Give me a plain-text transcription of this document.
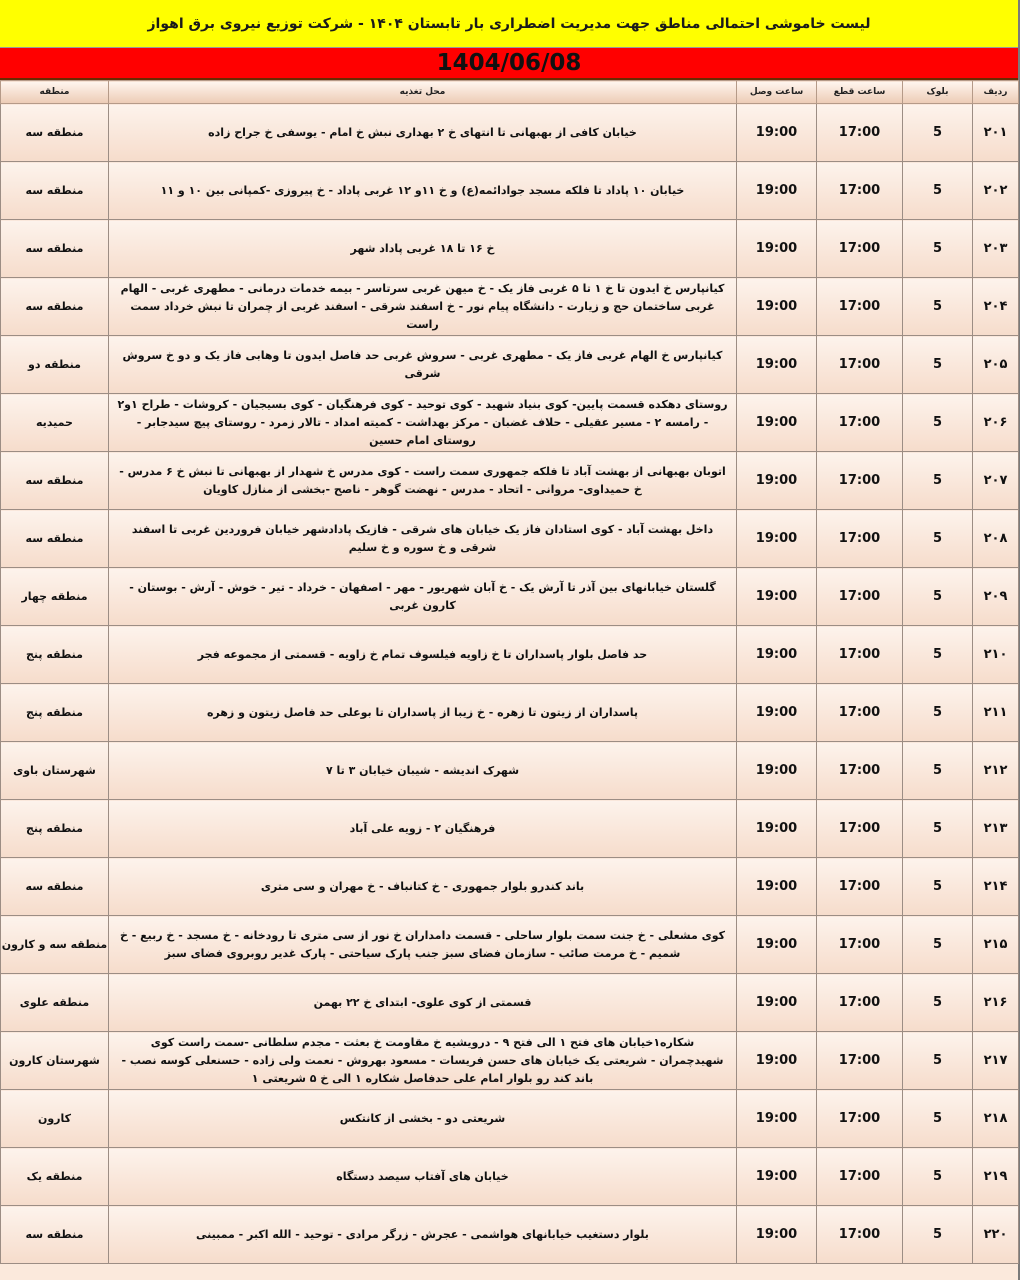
لیست خاموشی احتمالی مناطق جهت مدیریت اضطراری بار تابستان ۱۴۰۴ - شرکت توزیع نیروی برق اهواز
1404/06/08
ردیف	بلوک	ساعت قطع	ساعت وصل	محل تغذیه	منطقه
۲۰۱	5	17:00	19:00	خیابان کافی از بهبهانی تا انتهای خ ۲ بهداری نبش خ امام - یوسفی خ جراح زاده	منطقه سه
۲۰۲	5	17:00	19:00	خیابان ۱۰ پاداد تا فلکه مسجد جوادائمه(ع) و خ ۱۱و ۱۲ غربی پاداد - خ پیروزی -کمپانی بین ۱۰ و ۱۱	منطقه سه
۲۰۳	5	17:00	19:00	خ ۱۶ تا ۱۸ غربی پاداد شهر	منطقه سه
۲۰۴	5	17:00	19:00	کیانپارس خ ایدون تا خ ۱ تا ۵ غربی فاز یک - خ میهن غربی سرتاسر - بیمه خدمات درمانی - مطهری غربی - الهام غربی ساختمان حج و زیارت - دانشگاه پیام نور - خ اسفند شرقی - اسفند غربی از چمران تا نبش خرداد سمت راست	منطقه سه
۲۰۵	5	17:00	19:00	کیانپارس خ الهام غربی فاز یک - مطهری غربی - سروش غربی حد فاصل ایدون تا وهابی فاز یک و دو خ سروش شرقی	منطقه دو
۲۰۶	5	17:00	19:00	روستای دهکده قسمت پایین- کوی بنیاد شهید - کوی توحید - کوی فرهنگیان - کوی بسیجیان - کروشات - طراح ۱و۲ - رامسه ۲ - مسیر عقیلی - حلاف غضبان - مرکز بهداشت - کمیته امداد - تالار زمرد - روستای پیچ سیدجابر - روستای امام حسین	حمیدیه
۲۰۷	5	17:00	19:00	اتوبان بهبهانی از بهشت آباد تا فلکه جمهوری سمت راست - کوی مدرس خ شهدار از بهبهانی تا نبش خ ۶ مدرس - خ حمیداوی- مروانی - اتحاد - مدرس - نهضت گوهر - ناصح -بخشی از منازل کاویان	منطقه سه
۲۰۸	5	17:00	19:00	داخل بهشت آباد - کوی استادان فاز یک خیابان های شرقی - فازیک پاداد‌شهر خیابان فروردین غربی تا اسفند شرقی و خ سوره و خ سلیم	منطقه سه
۲۰۹	5	17:00	19:00	گلستان خیابانهای بین آذر تا آرش یک - خ آبان شهریور - مهر - اصفهان - خرداد - تیر - خوش - آرش - بوستان - کارون غربی	منطقه چهار
۲۱۰	5	17:00	19:00	حد فاصل بلوار پاسداران تا خ زاویه فیلسوف تمام خ زاویه - قسمتی از مجموعه فجر	منطقه پنج
۲۱۱	5	17:00	19:00	پاسداران از زیتون تا زهره - خ زیبا از پاسداران تا بوعلی حد فاصل زیتون و زهره	منطقه پنج
۲۱۲	5	17:00	19:00	شهرک اندیشه - شیبان خیابان ۳ تا ۷	شهرستان باوی
۲۱۳	5	17:00	19:00	فرهنگیان ۲ - زویه علی آباد	منطقه پنج
۲۱۴	5	17:00	19:00	باند کندرو بلوار جمهوری - خ کتانباف - خ مهران و سی متری	منطقه سه
۲۱۵	5	17:00	19:00	کوی مشعلی - خ جنت سمت بلوار ساحلی - قسمت دامداران خ نور از سی متری تا رودخانه - خ مسجد - خ ربیع - خ شمیم - خ مرمت صائب - سازمان فضای سبز جنب پارک سیاحتی - پارک غدیر روبروی فضای سبز	منطقه سه و کارون
۲۱۶	5	17:00	19:00	قسمتی از کوی علوی- ابتدای خ ۲۲ بهمن	منطقه علوی
۲۱۷	5	17:00	19:00	شکاره۱خیابان های فتح ۱ الی فتح ۹ - درویشیه خ مقاومت خ بعثت - مجدم سلطانی -سمت راست کوی شهیدچمران - شریعتی یک خیابان های حسن فریسات - مسعود بهروش - نعمت ولی زاده - حسنعلی کوسه نصب - باند کند رو بلوار امام علی حدفاصل شکاره ۱ الی خ ۵ شریعتی ۱	شهرستان کارون
۲۱۸	5	17:00	19:00	شریعتی دو - بخشی از کانتکس	کارون
۲۱۹	5	17:00	19:00	خیابان های آفتاب سیصد دستگاه	منطقه یک
۲۲۰	5	17:00	19:00	بلوار دستغیب خیابانهای هواشمی - عجرش - زرگر مرادی - توحید - الله اکبر - ممبینی	منطقه سه
